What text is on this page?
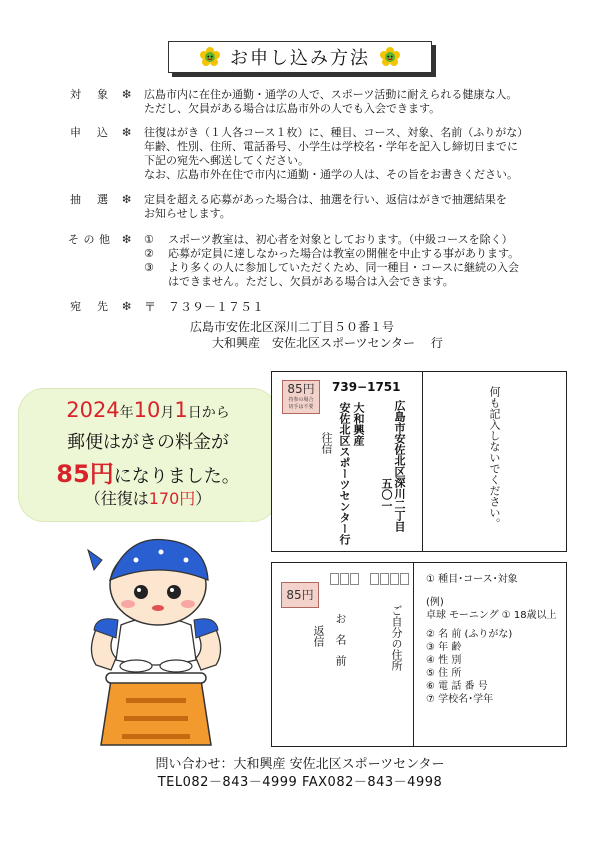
お申し込み方法
対象 ❇ 広島市内に在住か通勤・通学の人で、スポーツ活動に耐えられる健康な人。

ただし、欠員がある場合は広島市外の人でも入会できます。

申込 ❇ 往復はがき（１人各コース１枚）に、種目、コース、対象、名前（ふりがな）

年齢、性別、住所、電話番号、小学生は学校名・学年を記入し締切日までに

下記の宛先へ郵送してください。

なお、広島市外在住で市内に通勤・通学の人は、その旨をお書きください。

抽選 ❇ 定員を超える応募があった場合は、抽選を行い、返信はがきで抽選結果を

お知らせします。

その他 ❇ ① スポーツ教室は、初心者を対象としております。（中級コースを除く）
② 応募が定員に達しなかった場合は教室の開催を中止する事があります。
③ より多くの人に参加していただくため、同一種目・コースに継続の入会
はできません。ただし、欠員がある場合は入会できます。
宛先 ❇ 〒　７３９－１７５１
広島市安佐北区深川二丁目５０番１号
大和興産　安佐北区スポーツセンター　 行
2024年10月1日から
郵便はがきの料金が
85円になりました。
（往復は170円）
85円
持参の場合
切手は不要
往信
739−1751
広島市安佐北区深川二丁目
五〇一
大和興産
安佐北区スポーツセンター行	何も記入しないでください。
85円
返信 お名前	ご自分の住所
① 種目･コース･対象
(例)
卓球 モーニング ① 18歳以上
② 名 前 (ふりがな)
③ 年 齢
④ 性 別
⑤ 住 所
⑥ 電 話 番 号
⑦ 学校名･学年
問い合わせ：大和興産 安佐北区スポーツセンター
TEL082－843－4999 FAX082－843－4998
